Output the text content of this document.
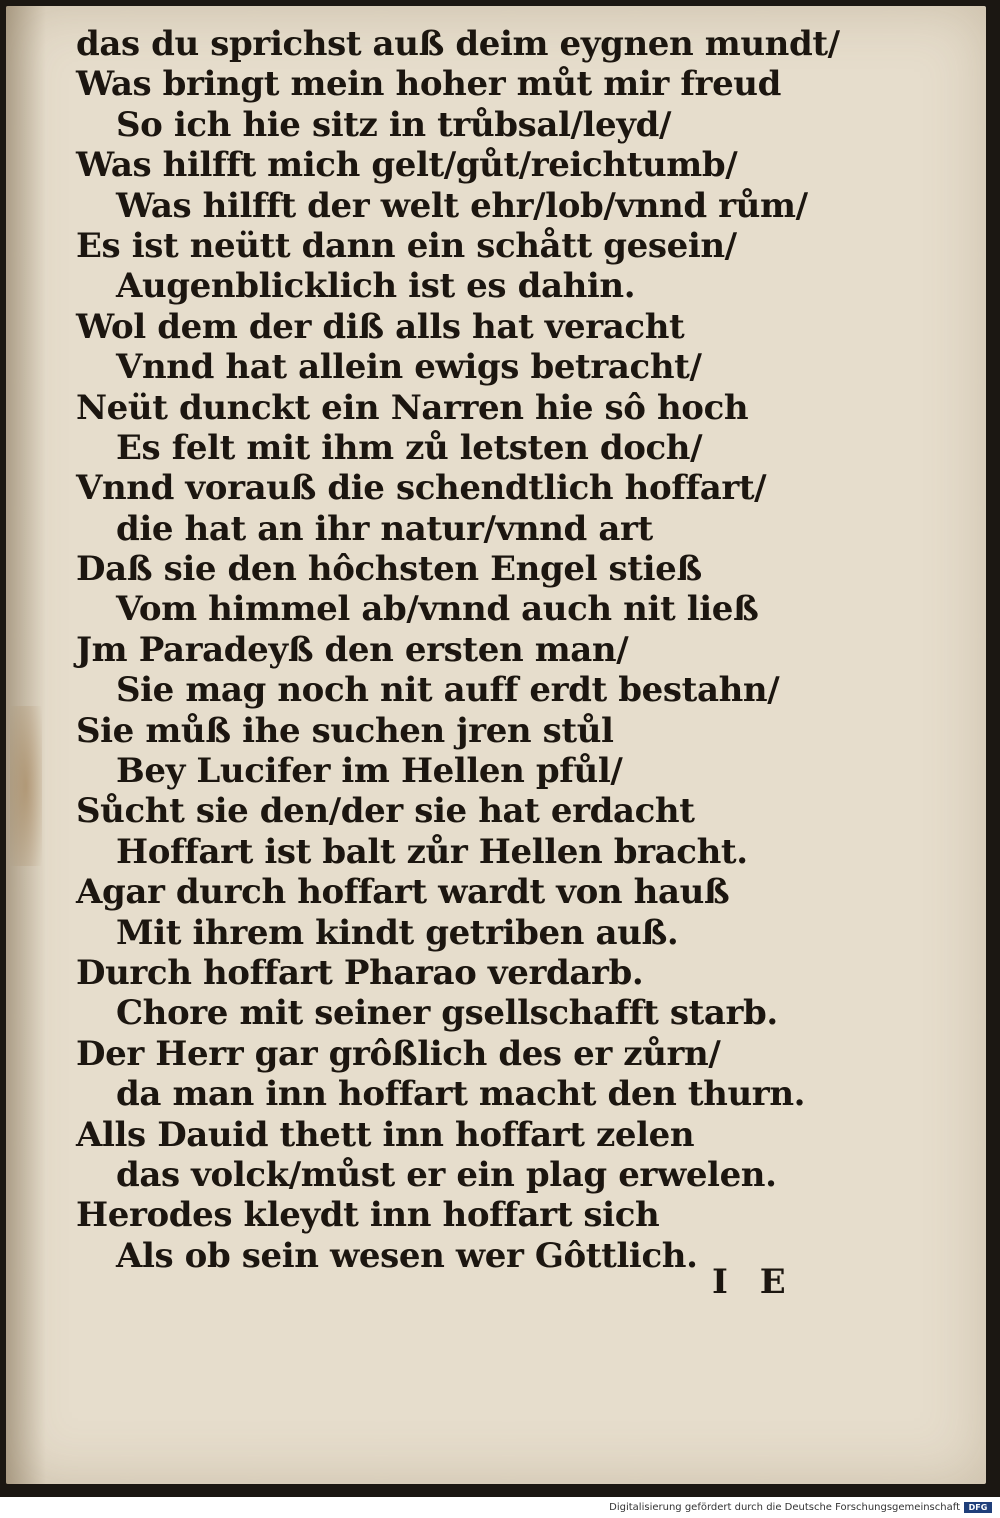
das du sprichst auß deim eygnen mundt/
Was bringt mein hoher můt mir freud
So ich hie sitz in trůbsal/leyd/
Was hilfft mich gelt/gůt/reichtumb/
Was hilfft der welt ehr/lob/vnnd rům/
Es ist neütt dann ein schått gesein/
Augenblicklich ist es dahin.
Wol dem der diß alls hat veracht
Vnnd hat allein ewigs betracht/
Neüt dunckt ein Narren hie sô hoch
Es felt mit ihm zů letsten doch/
Vnnd vorauß die schendtlich hoffart/
die hat an ihr natur/vnnd art
Daß sie den hôchsten Engel stieß
Vom himmel ab/vnnd auch nit ließ
Jm Paradeyß den ersten man/
Sie mag noch nit auff erdt bestahn/
Sie můß ihe suchen jren stůl
Bey Lucifer im Hellen pfůl/
Sůcht sie den/der sie hat erdacht
Hoffart ist balt zůr Hellen bracht.
Agar durch hoffart wardt von hauß
Mit ihrem kindt getriben auß.
Durch hoffart Pharao verdarb.
Chore mit seiner gsellschafft starb.
Der Herr gar grôßlich des er zůrn/
da man inn hoffart macht den thurn.
Alls Dauid thett inn hoffart zelen
das volck/můst er ein plag erwelen.
Herodes kleydt inn hoffart sich
Als ob sein wesen wer Gôttlich.
I E
Digitalisierung gefördert durch die Deutsche Forschungsgemeinschaft	DFG
